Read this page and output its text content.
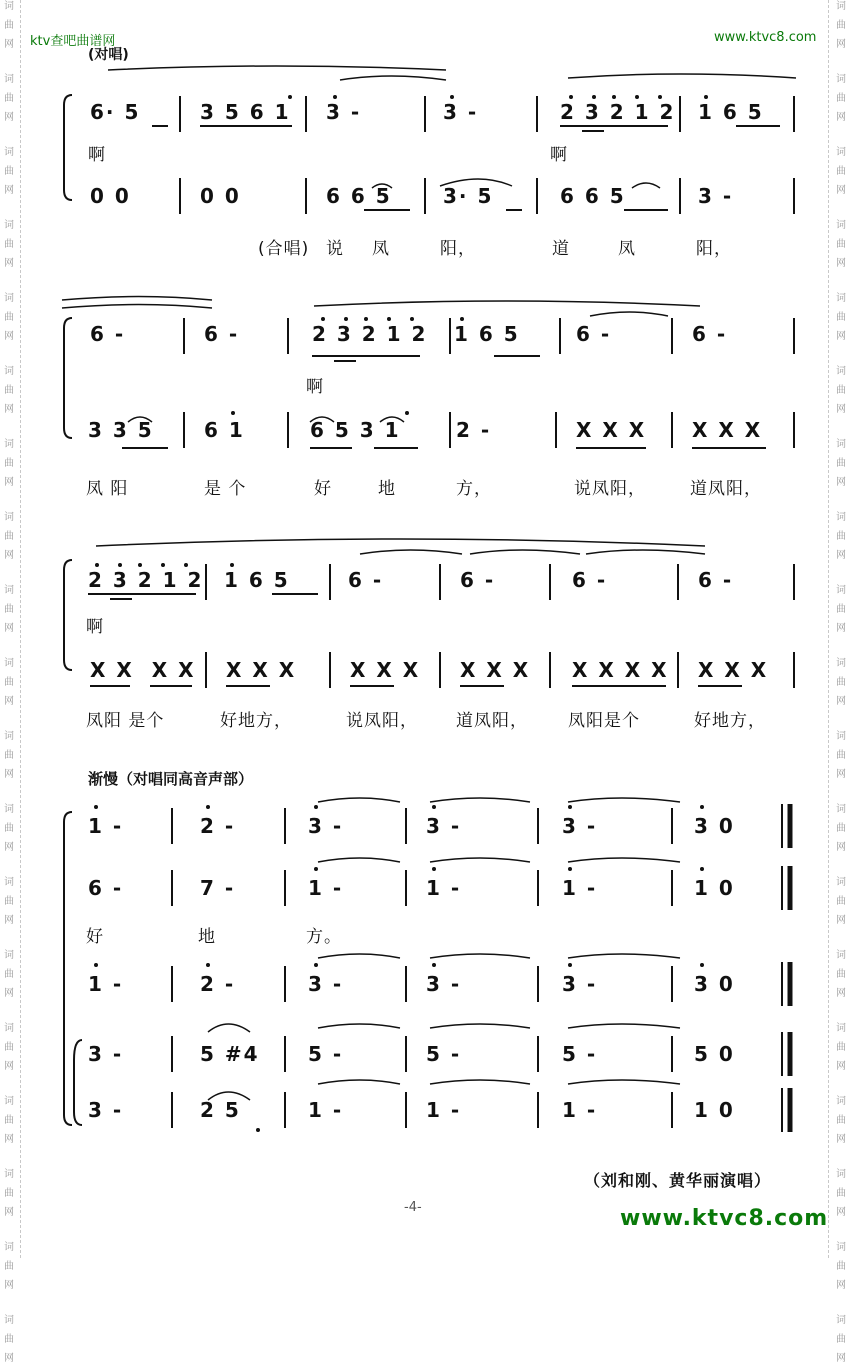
词
曲
网
词
曲
网
词
曲
网
词
曲
网
词
曲
网
词
曲
网
词
曲
网
词
曲
网
词
曲
网
词
曲
网
词
曲
网
词
曲
网
词
曲
网
词
曲
网
词
曲
网
词
曲
网
词
曲
网
词
曲
网
词
曲
网
词
曲
网
词
曲
网
词
曲
网
词
曲
网
词
曲
网
词
曲
网
词
曲
网
词
曲
网
词
曲
网
词
曲
网
词
曲
网
词
曲
网
词
曲
网
词
曲
网
词
曲
网
词
曲
网
词
曲
网
词
曲
网
词
曲
网
ktv查吧曲谱网	www.ktvc8.com
(对唱)
6· 5	3 5 6 1 3 -	3 -	2 3 2 1 2 1 6 5
啊	啊
0 0	0 0	6 6 5	3· 5	6 6 5	3 -
(合唱) 说 凤	阳，	道	凤	阳，
6 -	6 -	2 3 2 1 2 1 6 5	6 -	6 -
啊
3 3 5	6 1	6 5 3 1	2 -	X X X X X X
凤 阳	是 个	好	地	方，	说凤阳，	道凤阳，
2 3 2 1 2 1 6 5	6 -	6 -	6 -	6 -
啊
X X  X X X X X	X X X X X X X X X X X X X
凤阳 是个	好地方，	说凤阳， 道凤阳， 凤阳是个	好地方，
渐慢（对唱同高音声部）
1 -	2 -	3 -	3 -	3 -	3 0
6 -	7 -	1 -	1 -	1 -	1 0
好	地	方。
1 -	2 -	3 -	3 -	3 -	3 0
3 -	5 #4 5 -	5 -	5 -	5 0
3 -	2 5	1 -	1 -	1 -	1 0
（刘和刚、黄华丽演唱）
-4-	www.ktvc8.com
